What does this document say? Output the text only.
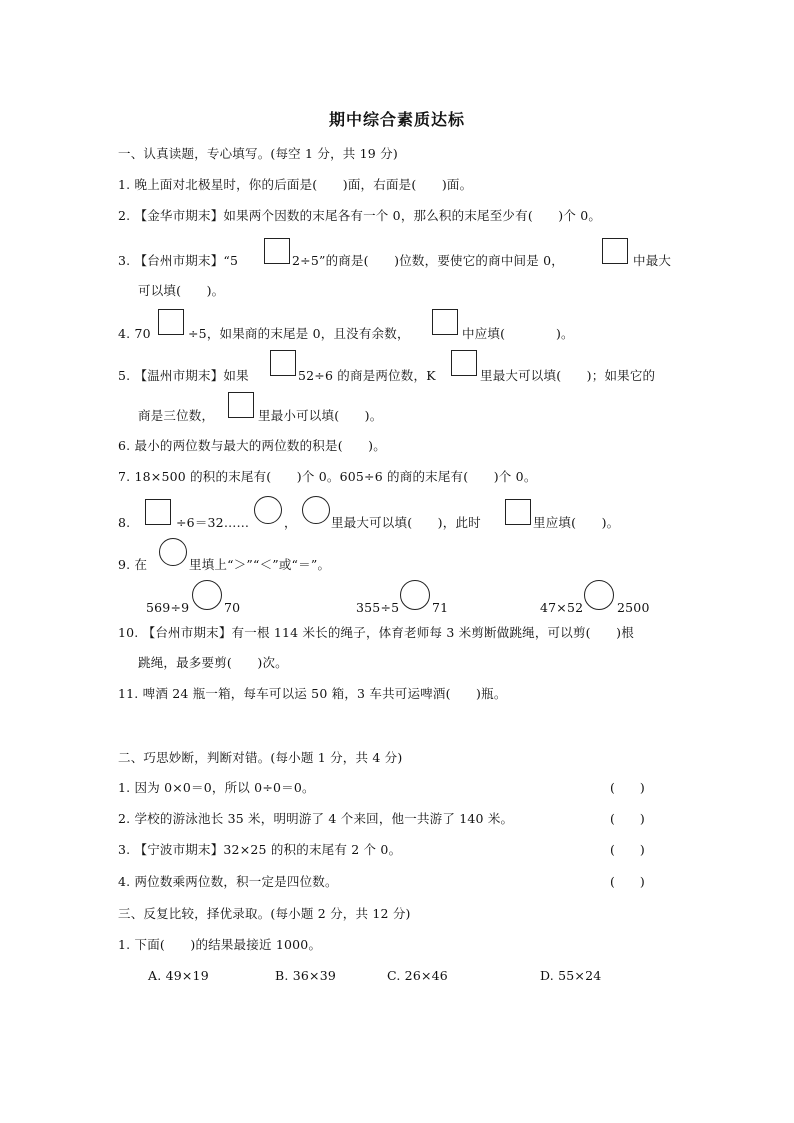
期中综合素质达标
一、认真读题，专心填写。(每空 1 分，共 19 分)
1. 晚上面对北极星时，你的后面是(　　)面，右面是(　　)面。
2. 【金华市期末】如果两个因数的末尾各有一个 0，那么积的末尾至少有(　　)个 0。
3. 【台州市期末】“5	2÷5”的商是(　　)位数，要使它的商中间是 0，	中最大
可以填(　　)。
4. 70	÷5，如果商的末尾是 0，且没有余数，	中应填(　　　　)。
5. 【温州市期末】如果	52÷6 的商是两位数，K	里最大可以填(　　)；如果它的
商是三位数，	里最小可以填(　　)。
6. 最小的两位数与最大的两位数的积是(　　)。
7. 18×500 的积的末尾有(　　)个 0。605÷6 的商的末尾有(　　)个 0。
8.	÷6＝32……	，	里最大可以填(　　)，此时	里应填(　　)。
9. 在	里填上“＞”“＜”或“＝”。
569÷9	70	355÷5	71	47×52	2500
10. 【台州市期末】有一根 114 米长的绳子，体育老师每 3 米剪断做跳绳，可以剪(　　)根
跳绳，最多要剪(　　)次。
11. 啤酒 24 瓶一箱，每车可以运 50 箱，3 车共可运啤酒(　　)瓶。
二、巧思妙断，判断对错。(每小题 1 分，共 4 分)
1. 因为 0×0＝0，所以 0÷0＝0。	(　　)
2. 学校的游泳池长 35 米，明明游了 4 个来回，他一共游了 140 米。	(　　)
3. 【宁波市期末】32×25 的积的末尾有 2 个 0。	(　　)
4. 两位数乘两位数，积一定是四位数。	(　　)
三、反复比较，择优录取。(每小题 2 分，共 12 分)
1. 下面(　　)的结果最接近 1000。
A. 49×19	B. 36×39	C. 26×46	D. 55×24
